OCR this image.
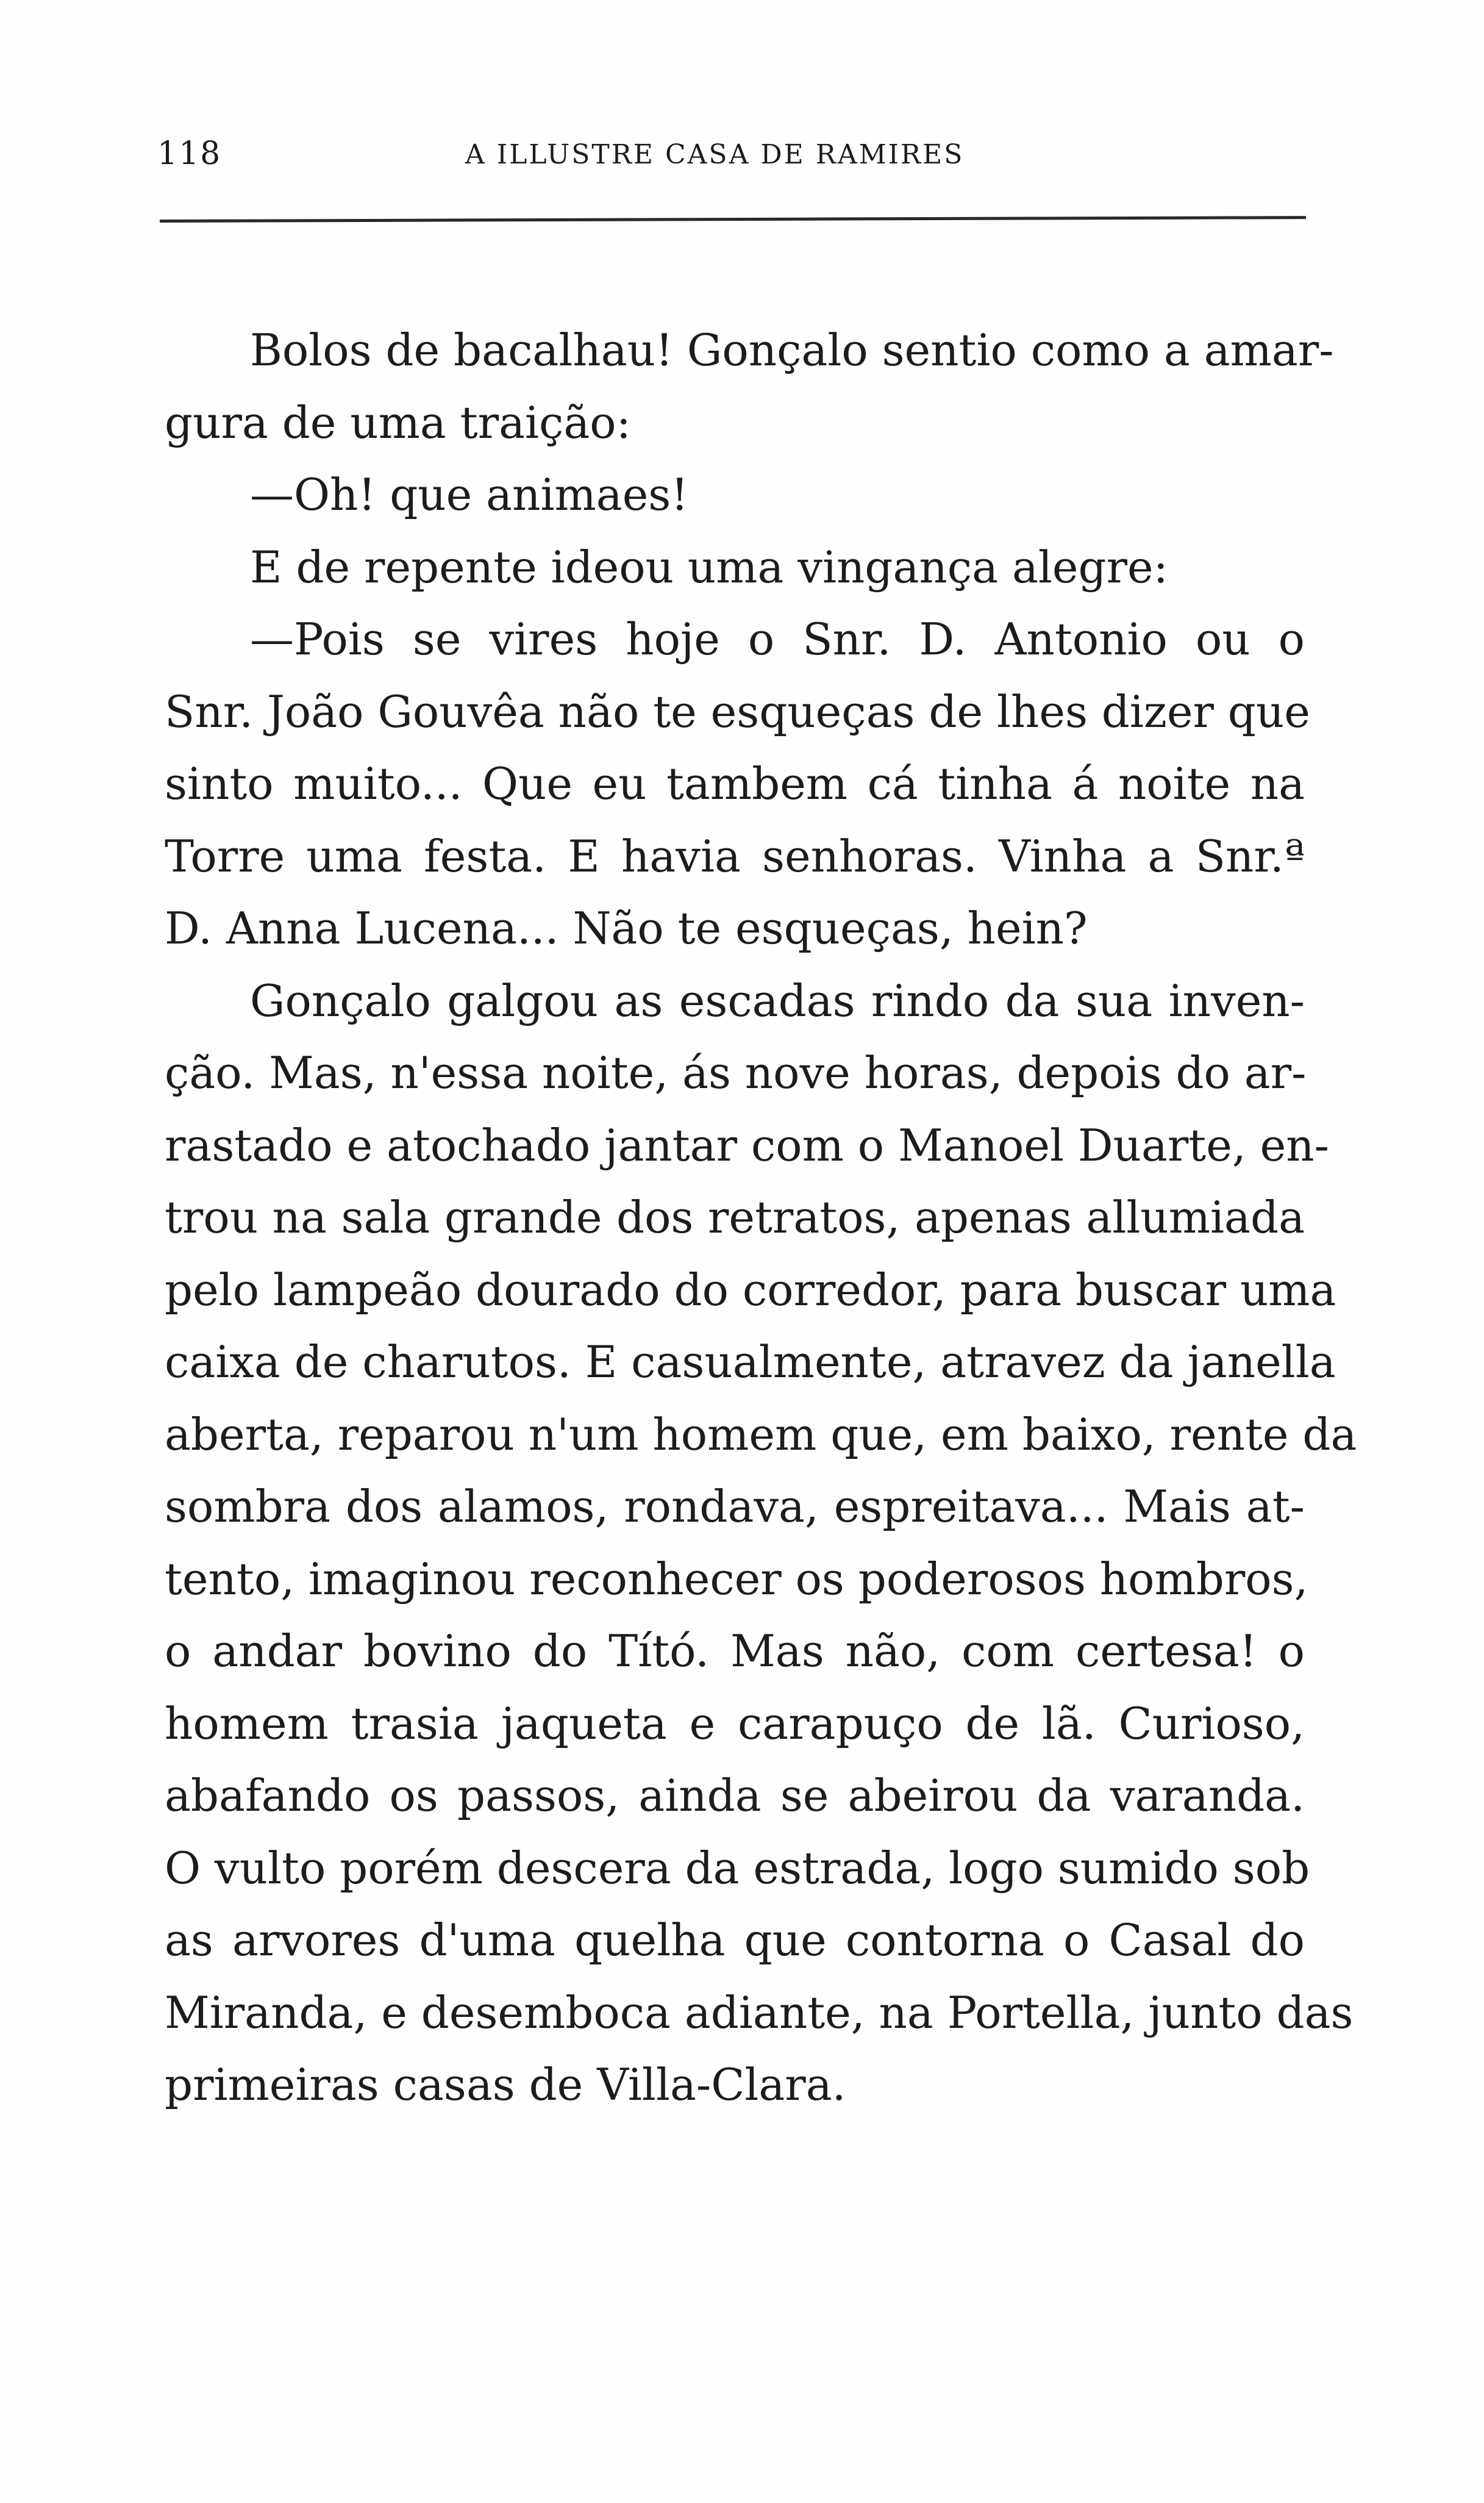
118	A ILLUSTRE CASA DE RAMIRES
Bolos de bacalhau! Gonçalo sentio como a amar-
gura de uma traição:
—Oh! que animaes!
E de repente ideou uma vingança alegre:
—Pois se vires hoje o Snr. D. Antonio ou o
Snr. João Gouvêa não te esqueças de lhes dizer que
sinto muito... Que eu tambem cá tinha á noite na
Torre uma festa. E havia senhoras. Vinha a Snr.ª
D. Anna Lucena... Não te esqueças, hein?
Gonçalo galgou as escadas rindo da sua inven-
ção. Mas, n'essa noite, ás nove horas, depois do ar-
rastado e atochado jantar com o Manoel Duarte, en-
trou na sala grande dos retratos, apenas allumiada
pelo lampeão dourado do corredor, para buscar uma
caixa de charutos. E casualmente, atravez da janella
aberta, reparou n'um homem que, em baixo, rente da
sombra dos alamos, rondava, espreitava... Mais at-
tento, imaginou reconhecer os poderosos hombros,
o andar bovino do Tító. Mas não, com certesa! o
homem trasia jaqueta e carapuço de lã. Curioso,
abafando os passos, ainda se abeirou da varanda.
O vulto porém descera da estrada, logo sumido sob
as arvores d'uma quelha que contorna o Casal do
Miranda, e desemboca adiante, na Portella, junto das
primeiras casas de Villa-Clara.
